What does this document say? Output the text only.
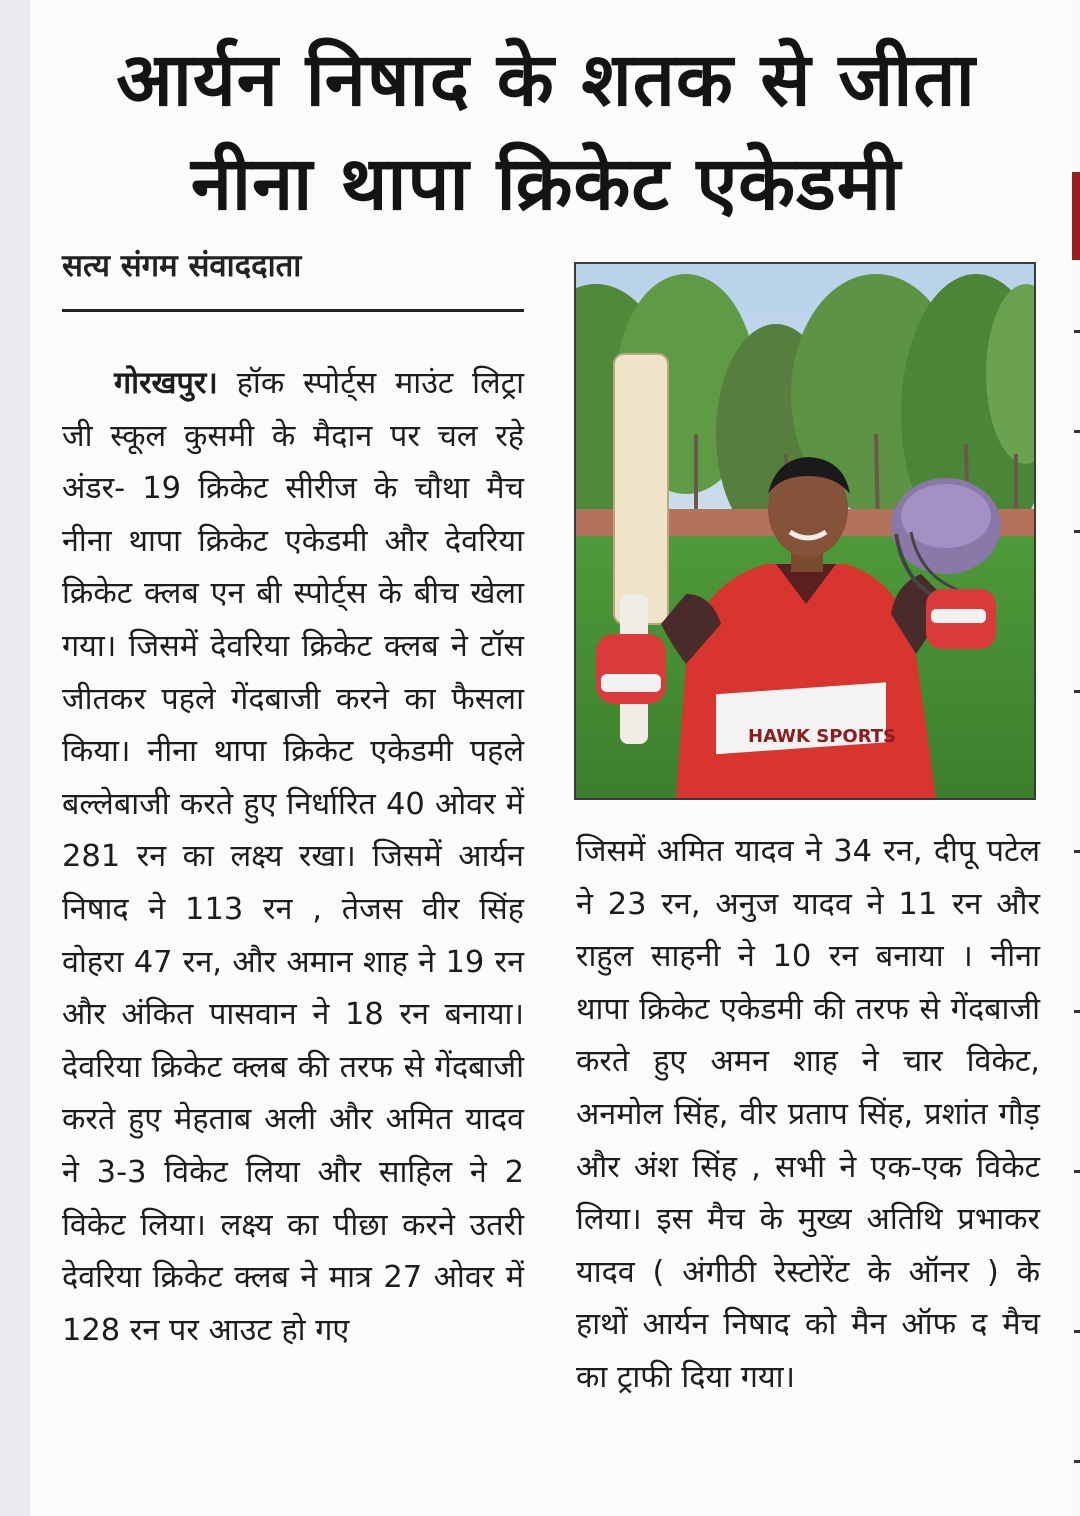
आर्यन निषाद के शतक से जीता
नीना थापा क्रिकेट एकेडमी
सत्य संगम संवाददाता
गोरखपुर। हॉक स्पोर्ट्स माउंट लिट्रा जी स्कूल कुसमी के मैदान पर चल रहे अंडर- 19 क्रिकेट सीरीज के चौथा मैच नीना थापा क्रिकेट एकेडमी और देवरिया क्रिकेट क्लब एन बी स्पोर्ट्स के बीच खेला गया। जिसमें देवरिया क्रिकेट क्लब ने टॉस जीतकर पहले गेंदबाजी करने का फैसला किया। नीना थापा क्रिकेट एकेडमी पहले बल्लेबाजी करते हुए निर्धारित 40 ओवर में 281 रन का लक्ष्य रखा। जिसमें आर्यन निषाद ने 113 रन , तेजस वीर सिंह वोहरा 47 रन, और अमान शाह ने 19 रन और अंकित पासवान ने 18 रन बनाया। देवरिया क्रिकेट क्लब की तरफ से गेंदबाजी करते हुए मेहताब अली और अमित यादव ने 3-3 विकेट लिया और साहिल ने 2 विकेट लिया। लक्ष्य का पीछा करने उतरी देवरिया क्रिकेट क्लब ने मात्र 27 ओवर में 128 रन पर आउट हो गए
HAWK SPORTS
जिसमें अमित यादव ने 34 रन, दीपू पटेल ने 23 रन, अनुज यादव ने 11 रन और राहुल साहनी ने 10 रन बनाया । नीना थापा क्रिकेट एकेडमी की तरफ से गेंदबाजी करते हुए अमन शाह ने चार विकेट, अनमोल सिंह, वीर प्रताप सिंह, प्रशांत गौड़ और अंश सिंह , सभी ने एक-एक विकेट लिया। इस मैच के मुख्य अतिथि प्रभाकर यादव ( अंगीठी रेस्टोरेंट के ऑनर ) के हाथों आर्यन निषाद को मैन ऑफ द मैच का ट्राफी दिया गया।
